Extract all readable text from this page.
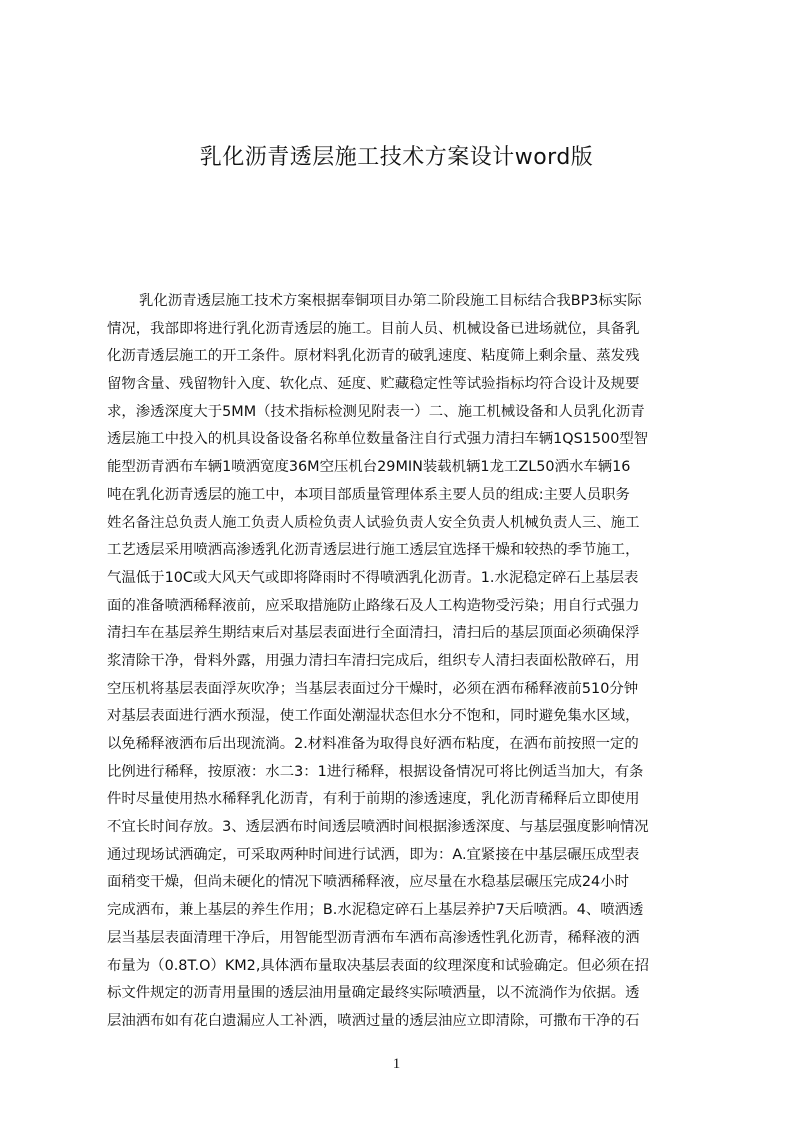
乳化沥青透层施工技术方案设计word版
乳化沥青透层施工技术方案根据奉铜项目办第二阶段施工目标结合我BP3标实际
情况，我部即将进行乳化沥青透层的施工。目前人员、机械设备已进场就位，具备乳
化沥青透层施工的开工条件。原材料乳化沥青的破乳速度、粘度筛上剩余量、蒸发残
留物含量、残留物针入度、软化点、延度、贮藏稳定性等试验指标均符合设计及规要
求，渗透深度大于5MM（技术指标检测见附表一）二、施工机械设备和人员乳化沥青
透层施工中投入的机具设备设备名称单位数量备注自行式强力清扫车辆1QS1500型智
能型沥青洒布车辆1喷洒宽度36M空压机台29MIN装载机辆1龙工ZL50洒水车辆16
吨在乳化沥青透层的施工中，本项目部质量管理体系主要人员的组成:主要人员职务
姓名备注总负责人施工负责人质检负责人试验负责人安全负责人机械负责人三、施工
工艺透层采用喷洒高渗透乳化沥青透层进行施工透层宜选择干燥和较热的季节施工，
气温低于10C或大风天气或即将降雨时不得喷洒乳化沥青。1.水泥稳定碎石上基层表
面的准备喷洒稀释液前，应采取措施防止路缘石及人工构造物受污染；用自行式强力
清扫车在基层养生期结束后对基层表面进行全面清扫，清扫后的基层顶面必须确保浮
浆清除干净，骨料外露，用强力清扫车清扫完成后，组织专人清扫表面松散碎石，用
空压机将基层表面浮灰吹净；当基层表面过分干燥时，必须在洒布稀释液前510分钟
对基层表面进行洒水预湿，使工作面处潮湿状态但水分不饱和，同时避免集水区域，
以免稀释液洒布后出现流淌。2.材料准备为取得良好洒布粘度，在洒布前按照一定的
比例进行稀释，按原液：水二3：1进行稀释，根据设备情况可将比例适当加大，有条
件时尽量使用热水稀释乳化沥青，有利于前期的渗透速度，乳化沥青稀释后立即使用
不宜长时间存放。3、透层洒布时间透层喷洒时间根据渗透深度、与基层强度影响情况
通过现场试洒确定，可采取两种时间进行试洒，即为：A.宜紧接在中基层碾压成型表
面稍变干燥，但尚未硬化的情况下喷洒稀释液，应尽量在水稳基层碾压完成24小时
完成洒布，兼上基层的养生作用；B.水泥稳定碎石上基层养护7天后喷洒。4、喷洒透
层当基层表面清理干净后，用智能型沥青洒布车洒布高渗透性乳化沥青，稀释液的洒
布量为（0.8T.O）KM2,具体洒布量取决基层表面的纹理深度和试验确定。但必须在招
标文件规定的沥青用量围的透层油用量确定最终实际喷洒量，以不流淌作为依据。透
层油洒布如有花白遗漏应人工补洒，喷洒过量的透层油应立即清除，可撒布干净的石
1
